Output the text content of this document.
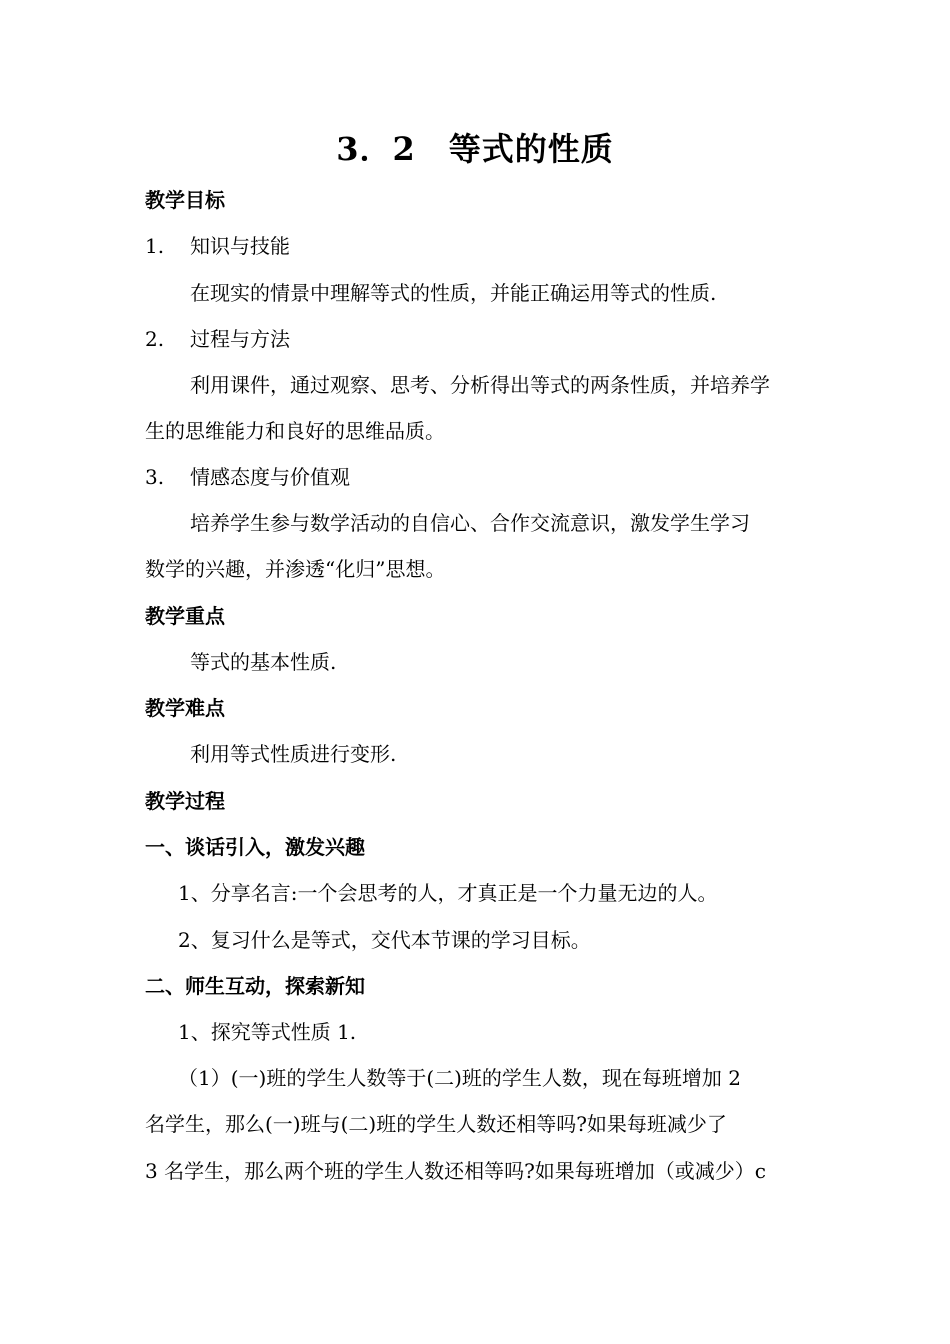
3．2　等式的性质
教学目标
1. 知识与技能
在现实的情景中理解等式的性质，并能正确运用等式的性质.
2. 过程与方法
利用课件，通过观察、思考、分析得出等式的两条性质，并培养学
生的思维能力和良好的思维品质。
3. 情感态度与价值观
培养学生参与数学活动的自信心、合作交流意识，激发学生学习
数学的兴趣，并渗透“化归”思想。
教学重点
等式的基本性质.
教学难点
利用等式性质进行变形.
教学过程
一、谈话引入，激发兴趣
1、分享名言:一个会思考的人，才真正是一个力量无边的人。
2、复习什么是等式，交代本节课的学习目标。
二、师生互动，探索新知
1、探究等式性质 1.
（1）(一)班的学生人数等于(二)班的学生人数，现在每班增加 2
名学生，那么(一)班与(二)班的学生人数还相等吗?如果每班减少了
3 名学生，那么两个班的学生人数还相等吗?如果每班增加（或减少）c
